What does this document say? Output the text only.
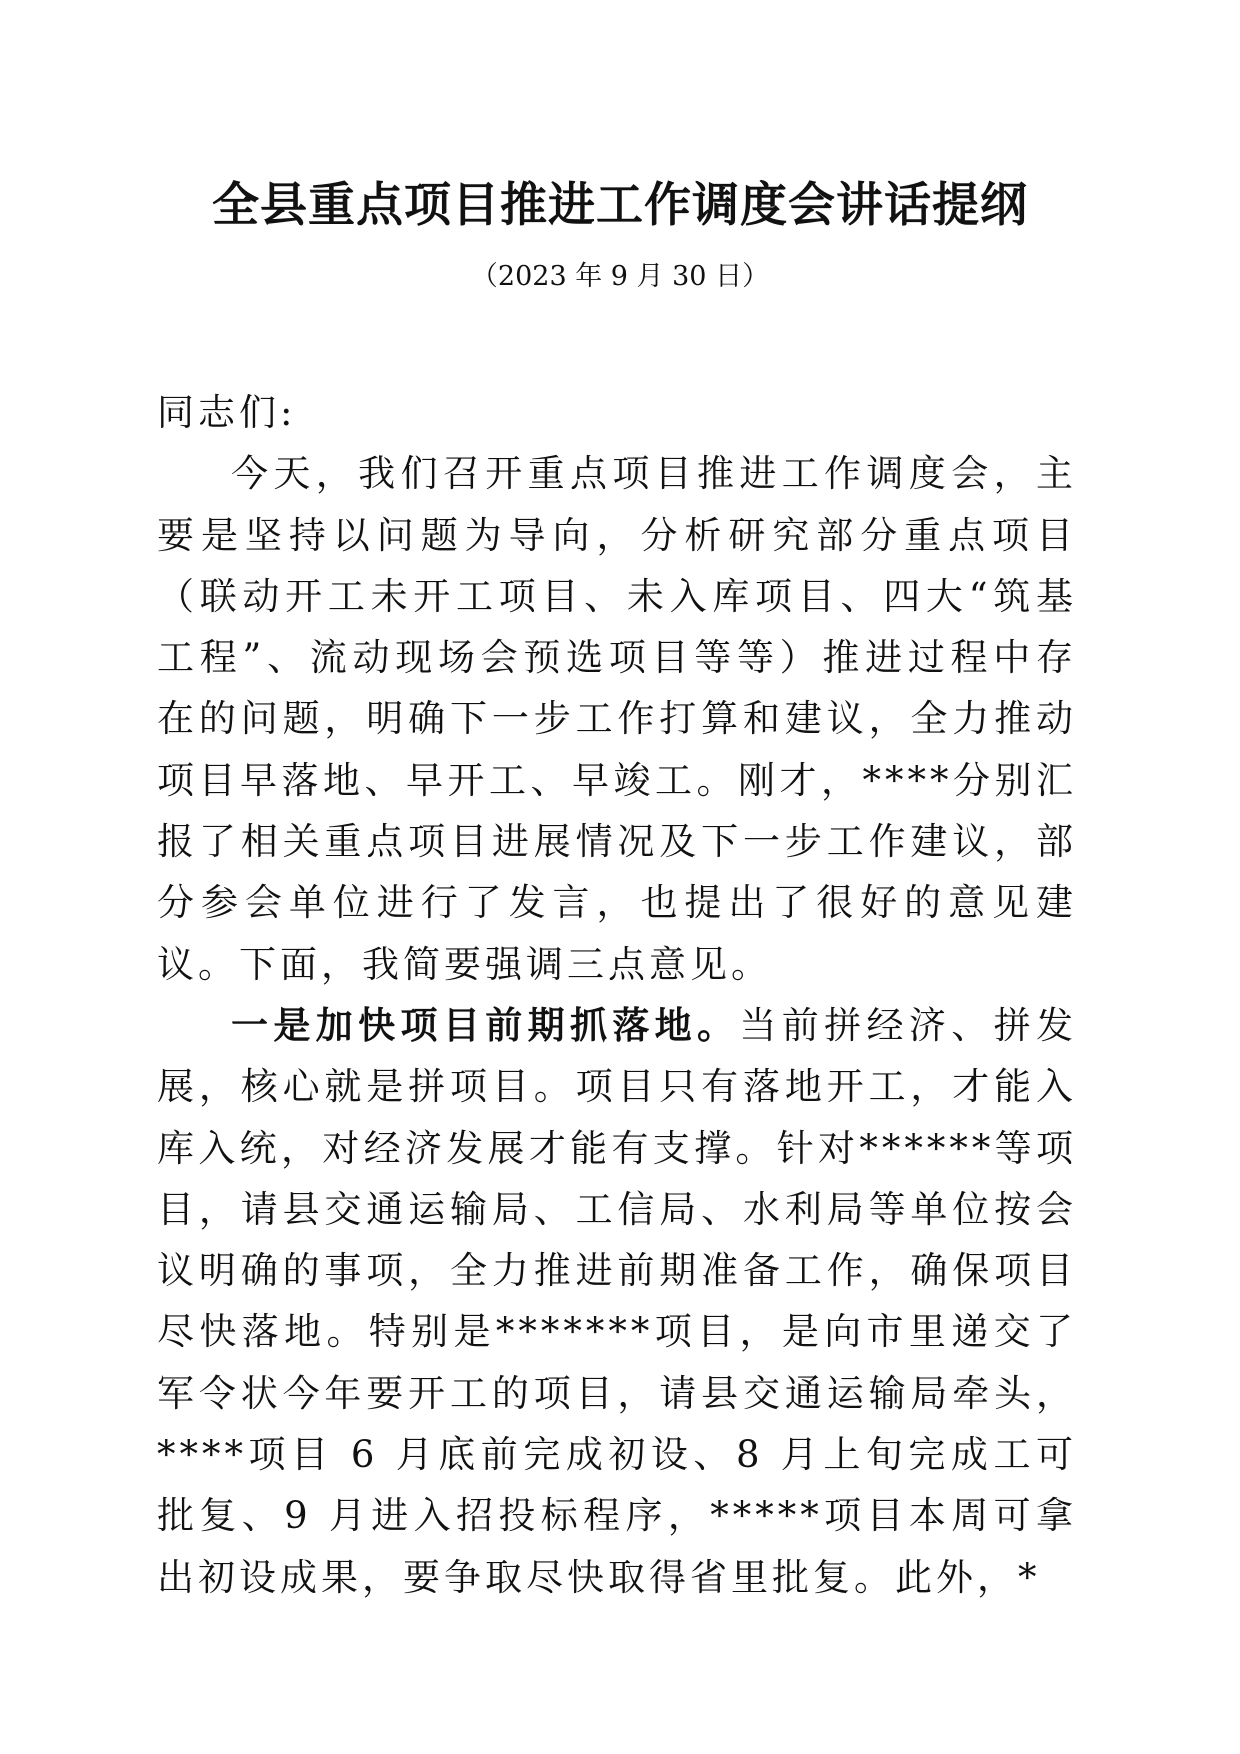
全县重点项目推进工作调度会讲话提纲
（2023 年 9 月 30 日）

同志们:

今天，我们召开重点项目推进工作调度会，主要是坚持以问题为导向，分析研究部分重点项目（联动开工未开工项目、未入库项目、四大“筑基工程”、流动现场会预选项目等等）推进过程中存在的问题，明确下一步工作打算和建议，全力推动项目早落地、早开工、早竣工。刚才，****分别汇报了相关重点项目进展情况及下一步工作建议，部分参会单位进行了发言，也提出了很好的意见建议。下面，我简要强调三点意见。

一是加快项目前期抓落地。当前拼经济、拼发展，核心就是拼项目。项目只有落地开工，才能入库入统，对经济发展才能有支撑。针对******等项目，请县交通运输局、工信局、水利局等单位按会议明确的事项，全力推进前期准备工作，确保项目尽快落地。特别是*******项目，是向市里递交了军令状今年要开工的项目，请县交通运输局牵头，****项目 6 月底前完成初设、8 月上旬完成工可批复、9 月进入招投标程序，*****项目本周可拿出初设成果，要争取尽快取得省里批复。此外，*
